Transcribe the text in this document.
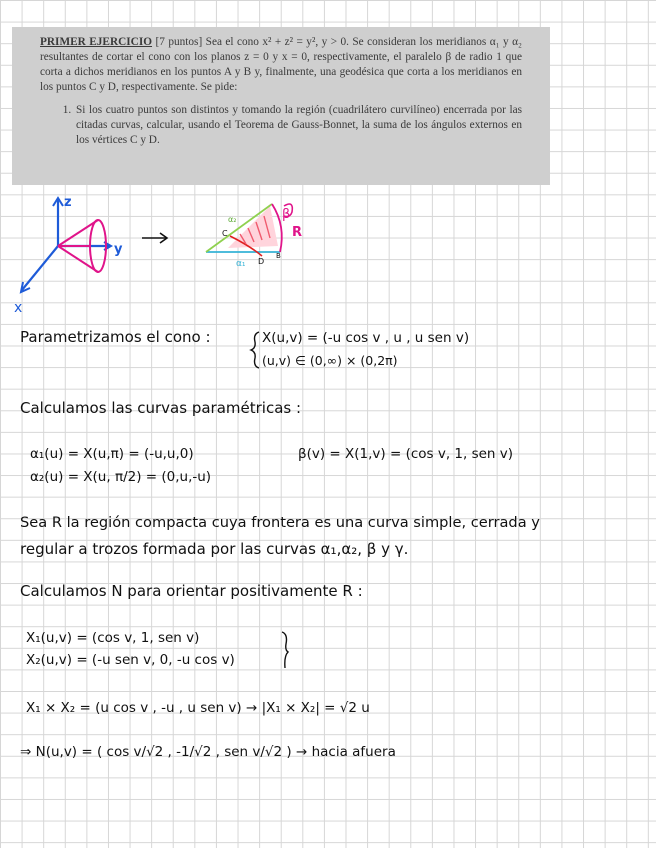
PRIMER EJERCICIO [7 puntos] Sea el cono x² + z² = y², y > 0. Se consideran los meridianos α₁ y α₂ resultantes de cortar el cono con los planos z = 0 y x = 0, respectivamente, el paralelo β de radio 1 que corta a dichos meridianos en los puntos A y B y, finalmente, una geodésica que corta a los meridianos en los puntos C y D, respectivamente. Se pide:
1. Si los cuatro puntos son distintos y tomando la región (cuadrilátero curvilíneo) encerrada por las citadas curvas, calcular, usando el Teorema de Gauss-Bonnet, la suma de los ángulos externos en los vértices C y D.
z
y
x
β
R
α₂
α₁
C
D
B
Parametrizamos el cono :	X(u,v) = (-u cos v , u , u sen v)
(u,v) ∈ (0,∞) × (0,2π)
Calculamos las curvas paramétricas :
α₁(u) = X(u,π) = (-u,u,0)
α₂(u) = X(u, π/2) = (0,u,-u)
β(v) = X(1,v) = (cos v, 1, sen v)
Sea R la región compacta cuya frontera es una curva simple, cerrada y
regular a trozos formada por las curvas α₁,α₂, β y γ.
Calculamos N para orientar positivamente R :
X₁(u,v) = (cos v, 1, sen v)
X₂(u,v) = (-u sen v, 0, -u cos v)
X₁ × X₂ = (u cos v , -u , u sen v) → |X₁ × X₂| = √2 u
⇒ N(u,v) = ( cos v/√2 , -1/√2 , sen v/√2 ) → hacia afuera
